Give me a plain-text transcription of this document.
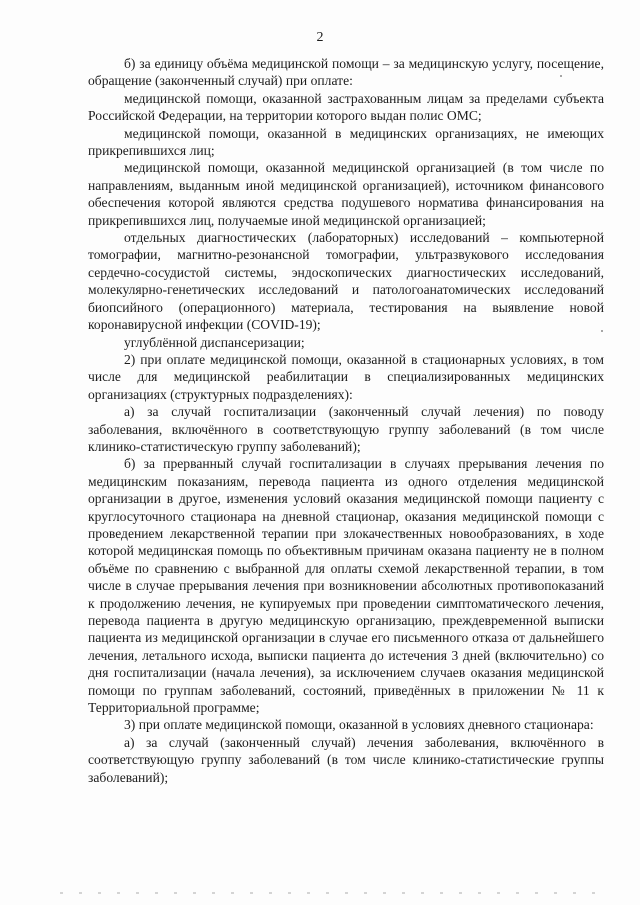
2

б) за единицу объёма медицинской помощи – за медицинскую услугу, посещение, обращение (законченный случай) при оплате:

медицинской помощи, оказанной застрахованным лицам за пределами субъекта Российской Федерации, на территории которого выдан полис ОМС;

медицинской помощи, оказанной в медицинских организациях, не имеющих прикрепившихся лиц;

медицинской помощи, оказанной медицинской организацией (в том числе по направлениям, выданным иной медицинской организацией), источником финансового обеспечения которой являются средства подушевого норматива финансирования на прикрепившихся лиц, получаемые иной медицинской организацией;

отдельных диагностических (лабораторных) исследований – компьютерной томографии, магнитно-резонансной томографии, ультразвукового исследования сердечно-сосудистой системы, эндоскопических диагностических исследований, молекулярно-генетических исследований и патологоанатомических исследований биопсийного (операционного) материала, тестирования на выявление новой коронавирусной инфекции (COVID-19);

углублённой диспансеризации;

2) при оплате медицинской помощи, оказанной в стационарных условиях, в том числе для медицинской реабилитации в специализированных медицинских организациях (структурных подразделениях):

а) за случай госпитализации (законченный случай лечения) по поводу заболевания, включённого в соответствующую группу заболеваний (в том числе клинико-статистическую группу заболеваний);

б) за прерванный случай госпитализации в случаях прерывания лечения по медицинским показаниям, перевода пациента из одного отделения медицинской организации в другое, изменения условий оказания медицинской помощи пациенту с круглосуточного стационара на дневной стационар, оказания медицинской помощи с проведением лекарственной терапии при злокачественных новообразованиях, в ходе которой медицинская помощь по объективным причинам оказана пациенту не в полном объёме по сравнению с выбранной для оплаты схемой лекарственной терапии, в том числе в случае прерывания лечения при возникновении абсолютных противопоказаний к продолжению лечения, не купируемых при проведении симптоматического лечения, перевода пациента в другую медицинскую организацию, преждевременной выписки пациента из медицинской организации в случае его письменного отказа от дальнейшего лечения, летального исхода, выписки пациента до истечения 3 дней (включительно) со дня госпитализации (начала лечения), за исключением случаев оказания медицинской помощи по группам заболеваний, состояний, приведённых в приложении № 11 к Территориальной программе;

3) при оплате медицинской помощи, оказанной в условиях дневного стационара:

а) за случай (законченный случай) лечения заболевания, включённого в соответствующую группу заболеваний (в том числе клинико-статистические группы заболеваний);
